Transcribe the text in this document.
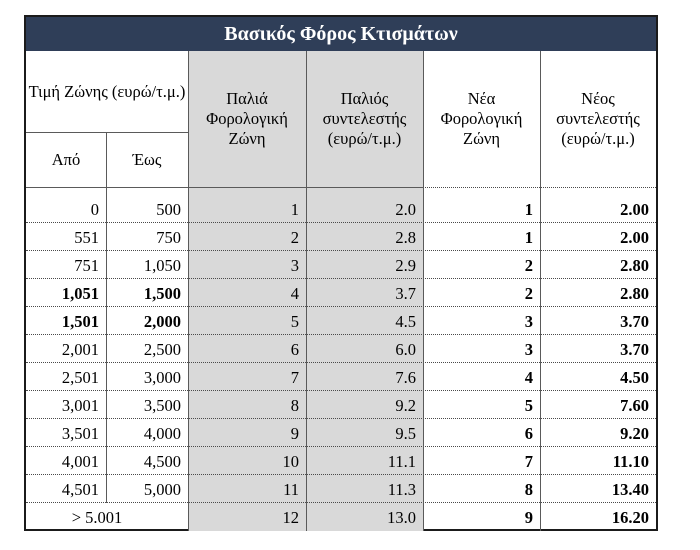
Βασικός Φόρος Κτισμάτων
Τιμή Ζώνης (ευρώ/τ.μ.)
Από	Έως
Παλιά Φορολογική Ζώνη
Παλιός συντελεστής (ευρώ/τ.μ.)
Νέα Φορολογική Ζώνη
Νέος συντελεστής (ευρώ/τ.μ.)
0	500	1	2.0	1	2.00
551	750	2	2.8	1	2.00
751	1,050	3	2.9	2	2.80
1,051	1,500	4	3.7	2	2.80
1,501	2,000	5	4.5	3	3.70
2,001	2,500	6	6.0	3	3.70
2,501	3,000	7	7.6	4	4.50
3,001	3,500	8	9.2	5	7.60
3,501	4,000	9	9.5	6	9.20
4,001	4,500	10	11.1	7	11.10
4,501	5,000	11	11.3	8	13.40
> 5.001	12	13.0	9	16.20
